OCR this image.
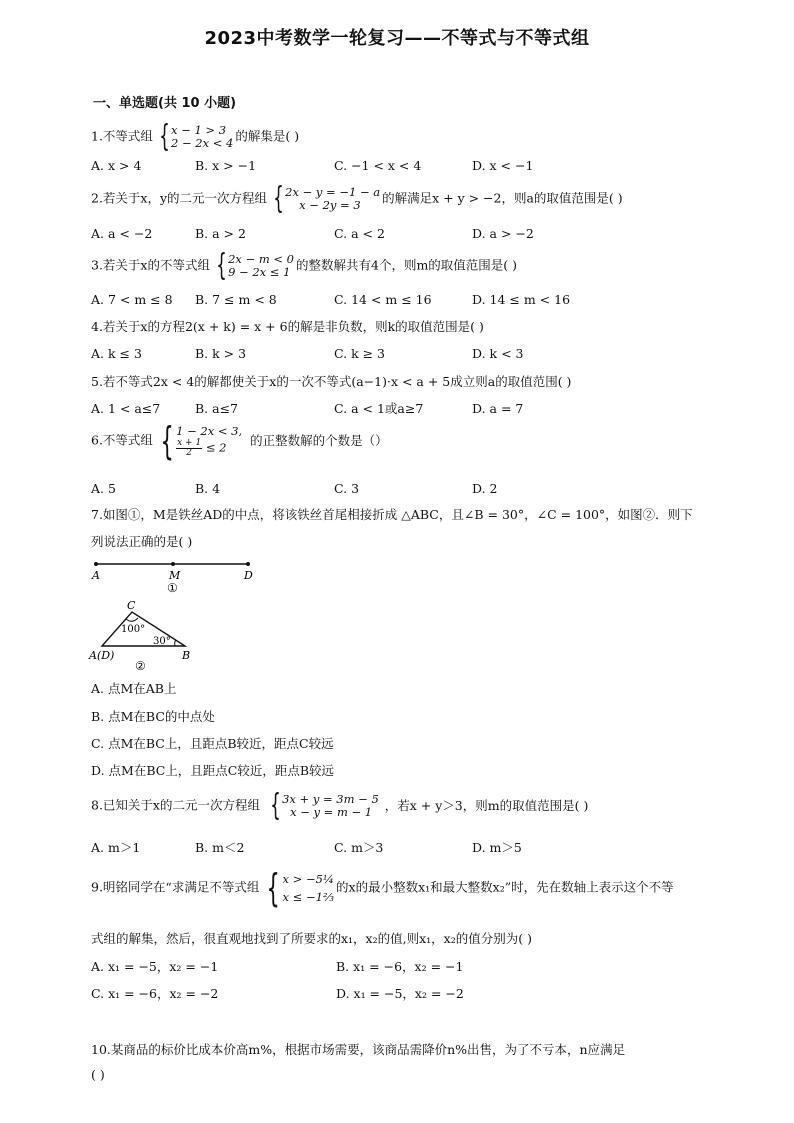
2023中考数学一轮复习——不等式与不等式组
一、单选题(共 10 小题)
1.不等式组 { x − 1 > 3
2 − 2x < 4 的解集是( )
A. x > 4	B. x > −1	C. −1 < x < 4	D. x < −1
2.若关于x，y的二元一次方程组 { 2x − y = −1 − a
x − 2y = 3	的解满足x + y > −2，则a的取值范围是( )
A. a < −2	B. a > 2	C. a < 2	D. a > −2
3.若关于x的不等式组 { 2x − m < 0
9 − 2x ≤ 1 的整数解共有4个，则m的取值范围是( )
A. 7 < m ≤ 8 B. 7 ≤ m < 8	C. 14 < m ≤ 16	D. 14 ≤ m < 16
4.若关于x的方程2(x + k) = x + 6的解是非负数，则k的取值范围是( )
A. k ≤ 3	B. k > 3	C. k ≥ 3	D. k < 3
5.若不等式2x < 4的解都使关于x的一次不等式(a−1)·x < a + 5成立则a的取值范围( )
A. 1 < a≤7	B. a≤7	C. a < 1或a≥7	D. a = 7
6.不等式组 { 1 − 2x < 3,
$\frac{x + 1}{2} \le 2$	的正整数解的个数是（）
A. 5	B. 4	C. 3	D. 2
7.如图①，M是铁丝AD的中点，将该铁丝首尾相接折成 △ABC，且∠B = 30°，∠C = 100°，如图②．则下
列说法正确的是( )
A	M	D
①
C
100°
30°
A(D)	B
②
A. 点M在AB上
B. 点M在BC的中点处
C. 点M在BC上，且距点B较近，距点C较远
D. 点M在BC上，且距点C较近，距点B较远
8.已知关于x的二元一次方程组 { 3x + y = 3m − 5
x − y = m − 1	，若x + y＞3，则m的取值范围是( )
A. m＞1	B. m＜2	C. m＞3	D. m＞5
9.明铭同学在“求满足不等式组 { x > −5¼
x ≤ −1⅔
的x的最小整数x₁和最大整数x₂”时，先在数轴上表示这个不等
式组的解集，然后，很直观地找到了所要求的x₁，x₂的值,则x₁，x₂的值分别为( )
A. x₁ = −5，x₂ = −1	B. x₁ = −6，x₂ = −1
C. x₁ = −6，x₂ = −2	D. x₁ = −5，x₂ = −2
10.某商品的标价比成本价高m%，根据市场需要，该商品需降价n%出售，为了不亏本，n应满足
( )
